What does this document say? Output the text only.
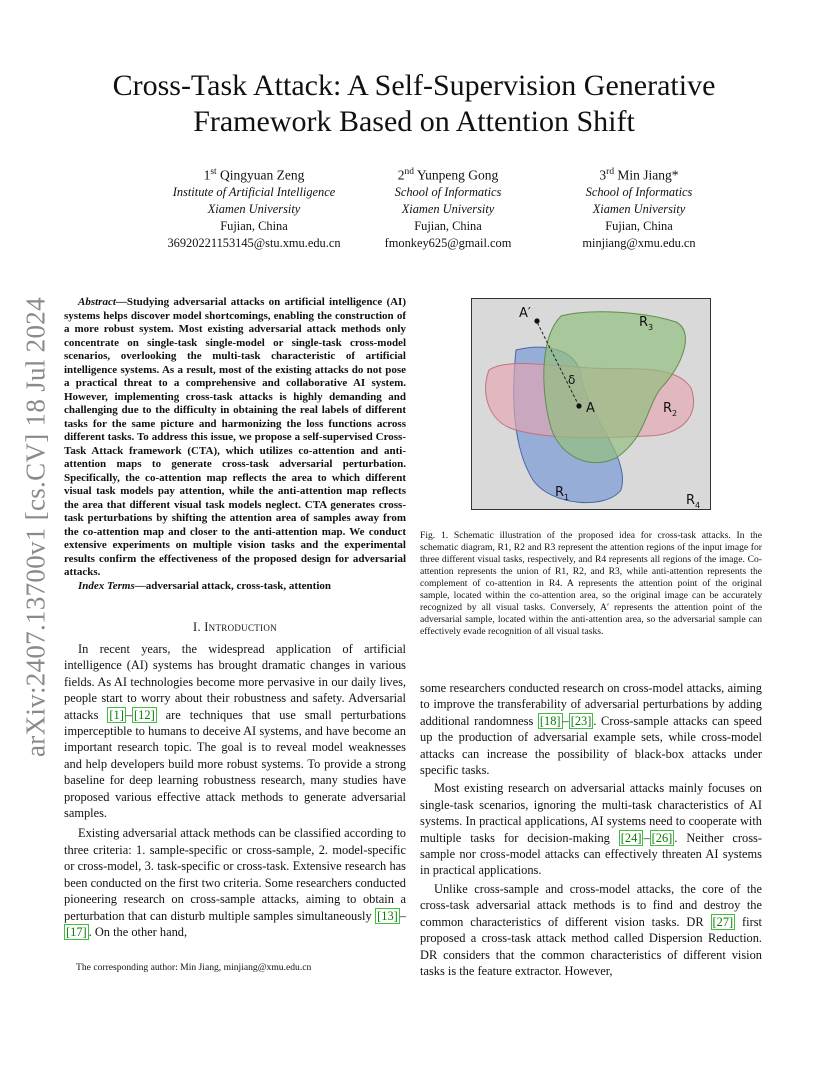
arXiv:2407.13700v1 [cs.CV] 18 Jul 2024
Cross-Task Attack: A Self-Supervision Generative
Framework Based on Attention Shift
1st Qingyuan Zeng
Institute of Artificial Intelligence
Xiamen University
Fujian, China
36920221153145@stu.xmu.edu.cn
2nd Yunpeng Gong
School of Informatics
Xiamen University
Fujian, China
fmonkey625@gmail.com
3rd Min Jiang*
School of Informatics
Xiamen University
Fujian, China
minjiang@xmu.edu.cn

Abstract—Studying adversarial attacks on artificial intelligence (AI) systems helps discover model shortcomings, enabling the construction of a more robust system. Most existing adversarial attack methods only concentrate on single-task single-model or single-task cross-model scenarios, overlooking the multi-task characteristic of artificial intelligence systems. As a result, most of the existing attacks do not pose a practical threat to a comprehensive and collaborative AI system. However, implementing cross-task attacks is highly demanding and challenging due to the difficulty in obtaining the real labels of different tasks for the same picture and harmonizing the loss functions across different tasks. To address this issue, we propose a self-supervised Cross-Task Attack framework (CTA), which utilizes co-attention and anti-attention maps to generate cross-task adversarial perturbation. Specifically, the co-attention map reflects the area to which different visual task models pay attention, while the anti-attention map reflects the area that different visual task models neglect. CTA generates cross-task perturbations by shifting the attention area of samples away from the co-attention map and closer to the anti-attention map. We conduct extensive experiments on multiple vision tasks and the experimental results confirm the effectiveness of the proposed design for adversarial attacks.

Index Terms—adversarial attack, cross-task, attention

I. Introduction

In recent years, the widespread application of artificial intelligence (AI) systems has brought dramatic changes in various fields. As AI technologies become more pervasive in our daily lives, people start to worry about their robustness and safety. Adversarial attacks [1] – [12] are techniques that use small perturbations imperceptible to humans to deceive AI systems, and have become an important research topic. The goal is to reveal model weaknesses and help developers build more robust systems. To provide a strong baseline for deep learning robustness research, many studies have proposed various effective attack methods to generate adversarial samples.

Existing adversarial attack methods can be classified according to three criteria: 1. sample-specific or cross-sample, 2. model-specific or cross-model, 3. task-specific or cross-task. Extensive research has been conducted on the first two criteria. Some researchers conducted pioneering research on cross-sample attacks, aiming to obtain a perturbation that can disturb multiple samples simultaneously [13] –[17] . On the other hand,

The corresponding author: Min Jiang, minjiang@xmu.edu.cn
A′
A
δ
$R_3$
$R_2$
$R_1$	$R_4$
Fig. 1. Schematic illustration of the proposed idea for cross-task attacks. In the schematic diagram, R1, R2 and R3 represent the attention regions of the input image for three different visual tasks, respectively, and R4 represents all regions of the image. Co-attention represents the union of R1, R2, and R3, while anti-attention represents the complement of co-attention in R4. A represents the attention point of the original sample, located within the co-attention area, so the original image can be accurately recognized by all visual tasks. Conversely, A′ represents the attention point of the adversarial sample, located within the anti-attention area, so the adversarial sample can effectively evade recognition of all visual tasks.

some researchers conducted research on cross-model attacks, aiming to improve the transferability of adversarial perturbations by adding additional randomness [18] – [23] . Cross-sample attacks can speed up the production of adversarial example sets, while cross-model attacks can increase the possibility of black-box attacks under specific tasks.

Most existing research on adversarial attacks mainly focuses on single-task scenarios, ignoring the multi-task characteristics of AI systems. In practical applications, AI systems need to cooperate with multiple tasks for decision-making [24] – [26] . Neither cross-sample nor cross-model attacks can effectively threaten AI systems in practical applications.

Unlike cross-sample and cross-model attacks, the core of the cross-task adversarial attack methods is to find and destroy the common characteristics of different vision tasks. DR [27] first proposed a cross-task attack method called Dispersion Reduction. DR considers that the common characteristics of different vision tasks is the feature extractor. However,
